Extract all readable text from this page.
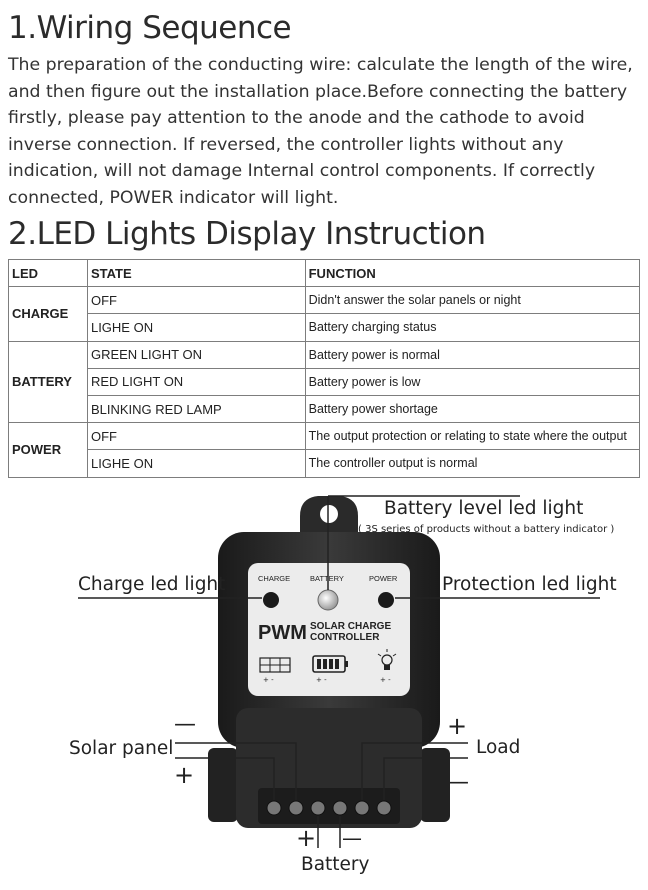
1.Wiring Sequence
The preparation of the conducting wire: calculate the length of the wire, and then figure out the installation place.Before connecting the battery firstly, please pay attention to the anode and the cathode to avoid inverse connection. If reversed, the controller lights without any indication, will not damage Internal control components. If correctly connected, POWER indicator will light.
2.LED Lights Display Instruction
LED	STATE	FUNCTION
CHARGE	OFF	Didn't answer the solar panels or night
	LIGHE ON	Battery charging status
BATTERY	GREEN LIGHT ON	Battery power is normal
	RED LIGHT ON	Battery power is low
	BLINKING RED LAMP	Battery power shortage
POWER	OFF	The output protection or relating to state where the output
	LIGHE ON	The controller output is normal
+ -	+ -	+ -
Battery level led light
( 3S series of products without a battery indicator )
Charge led light	Protection led light
CHARGE	BATTERY	POWER
PWM SOLAR CHARGE
CONTROLLER
—
Solar panel
+
+
Load
—
+ —
Battery
